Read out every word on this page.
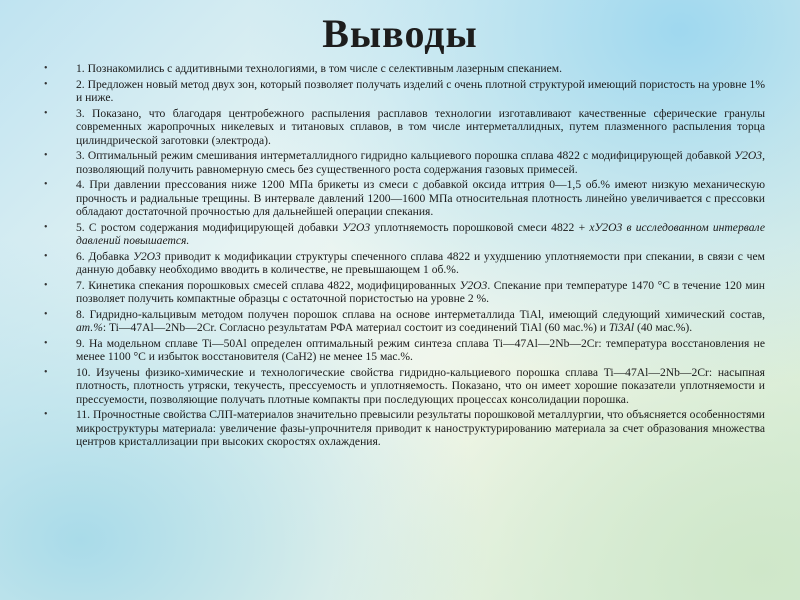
Выводы
• 1. Познакомились с аддитивными технологиями, в том числе с селективным лазерным спеканием.
• 2. Предложен новый метод двух зон, который позволяет получать изделий с очень плотной структурой имеющий пористость на уровне 1% и ниже.
• 3. Показано, что благодаря центробежного распыления расплавов технологии изготавливают качественные сферические гранулы современных жаропрочных никелевых и титановых сплавов, в том числе интерметаллидных, путем плазменного распыления торца цилиндрической заготовки (электрода).
• 3. Оптимальный режим смешивания интерметаллидного гидридно кальциевого порошка сплава 4822 с модифицирующей добавкой У2О3, позволяющий получить равномерную смесь без существенного роста содержания газовых примесей.
• 4. При давлении прессования ниже 1200 МПа брикеты из смеси с добавкой оксида иттрия 0—1,5 об.% имеют низкую механическую прочность и радиальные трещины. В интервале давлений 1200—1600 МПа относительная плотность линейно увеличивается с прессовки обладают достаточной прочностью для дальнейшей операции спекания.
• 5. С ростом содержания модифицирующей добавки У2О3 уплотняемость порошковой смеси 4822 + xУ2О3 в исследованном интервале давлений повышается.
• 6. Добавка У2О3 приводит к модификации структуры спеченного сплава 4822 и ухудшению уплотняемости при спекании, в связи с чем данную добавку необходимо вводить в количестве, не превышающем 1 об.%.
• 7. Кинетика спекания порошковых смесей сплава 4822, модифицированных У2О3. Спекание при температуре 1470 °С в течение 120 мин позволяет получить компактные образцы с остаточной пористостью на уровне 2 %.
• 8. Гидридно-кальцивым методом получен порошок сплава на основе интерметаллида TiAl, имеющий следующий химический состав, ат.%: Ti—47Al—2Nb—2Cr. Согласно результатам РФА материал состоит из соединений TiAl (60 мас.%) и Ti3Al (40 мас.%).
• 9. На модельном сплаве Ti—50Al определен оптимальный режим синтеза сплава Ti—47Al—2Nb—2Cr: температура восстановления не менее 1100 °С и избыток восстановителя (CaH2) не менее 15 мас.%.
• 10. Изучены физико-химические и технологические свойства гидридно-кальциевого порошка сплава Ti—47Al—2Nb—2Cr: насыпная плотность, плотность утряски, текучесть, прессуемость и уплотняемость. Показано, что он имеет хорошие показатели уплотняемости и прессуемости, позволяющие получать плотные компакты при последующих процессах консолидации порошка.
• 11. Прочностные свойства СЛП-материалов значительно превысили результаты порошковой металлургии, что объясняется особенностями микроструктуры материала: увеличение фазы-упрочнителя приводит к наноструктурированию материала за счет образования множества центров кристаллизации при высоких скоростях охлаждения.
